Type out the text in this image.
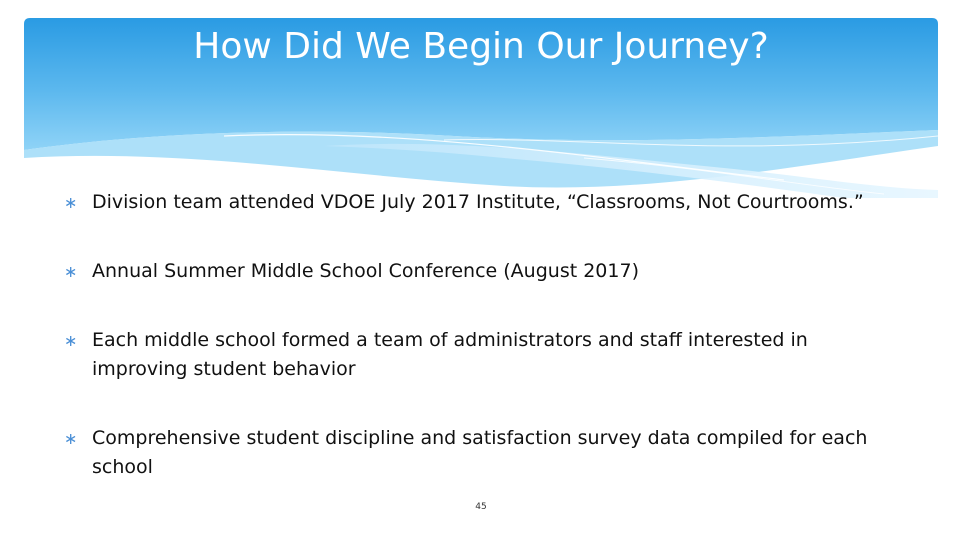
How Did We Begin Our Journey?
∗ Division team attended VDOE July 2017 Institute, “Classrooms, Not Courtrooms.”
∗ Annual Summer Middle School Conference (August 2017)
∗ Each middle school formed a team of administrators and staff interested in improving student behavior
∗ Comprehensive student discipline and satisfaction survey data compiled for each school
45
